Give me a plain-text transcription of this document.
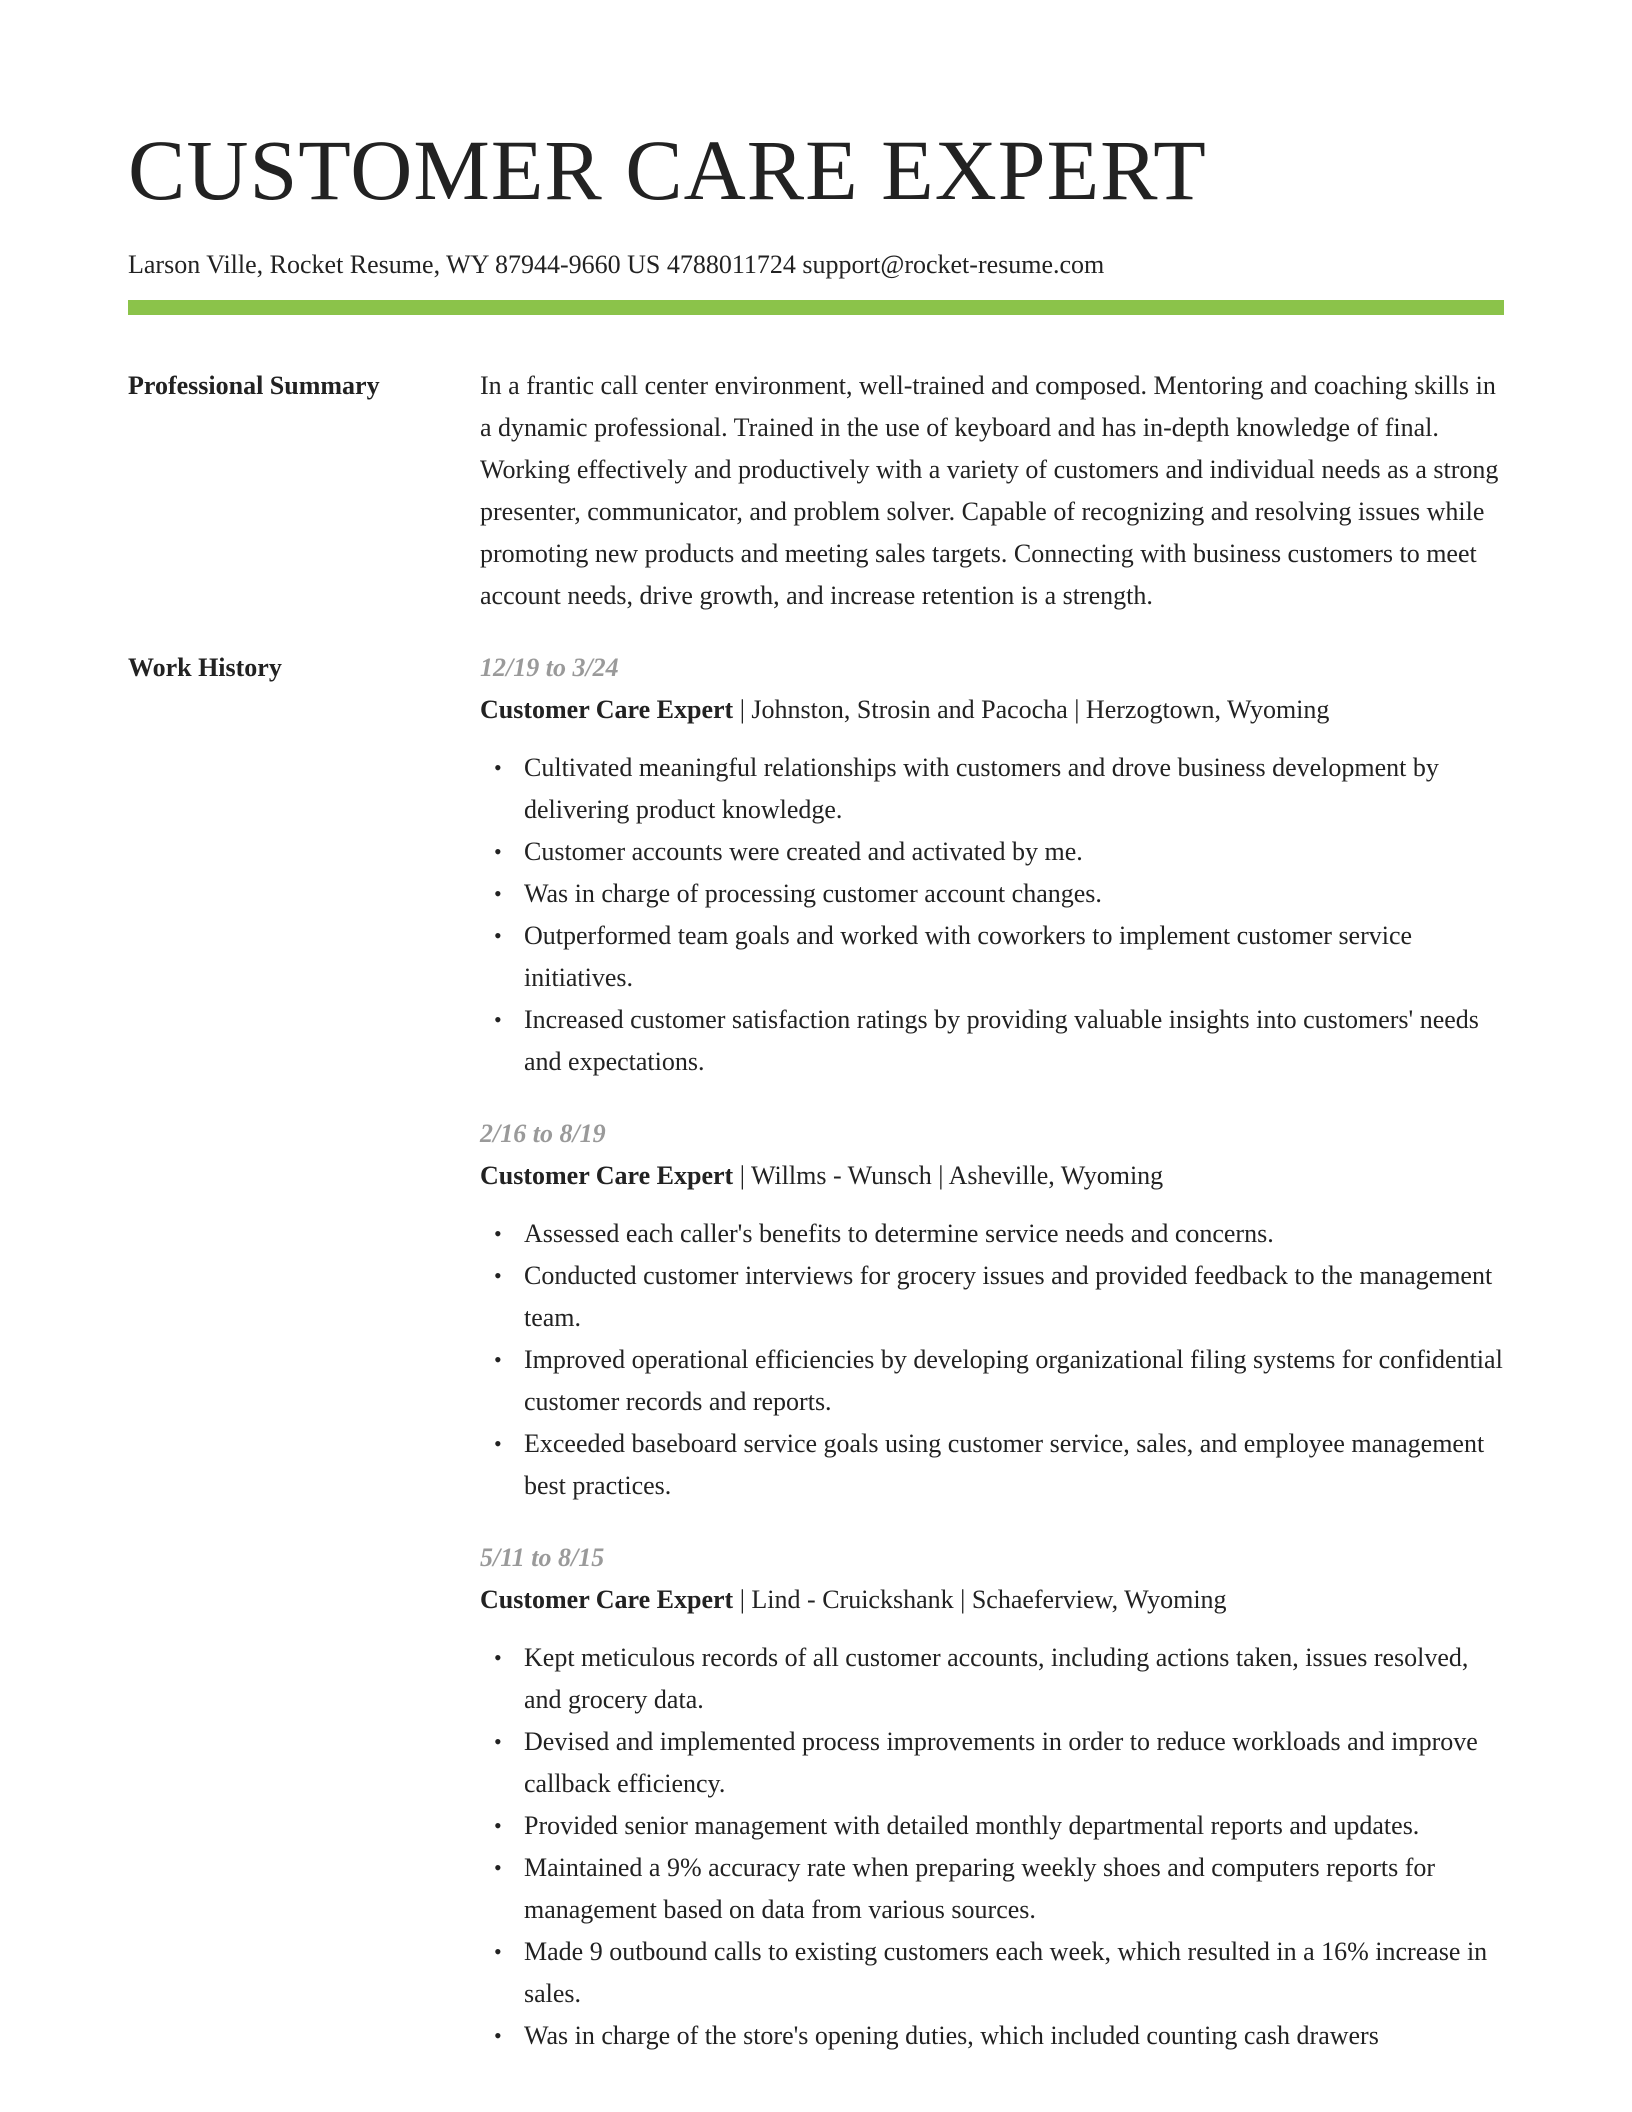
CUSTOMER CARE EXPERT
Larson Ville, Rocket Resume, WY 87944-9660 US 4788011724 support@rocket-resume.com
Professional Summary	In a frantic call center environment, well-trained and composed. Mentoring and coaching skills in a dynamic professional. Trained in the use of keyboard and has in-depth knowledge of final. Working effectively and productively with a variety of customers and individual needs as a strong presenter, communicator, and problem solver. Capable of recognizing and resolving issues while promoting new products and meeting sales targets. Connecting with business customers to meet account needs, drive growth, and increase retention is a strength.
Work History	12/19 to 3/24
Customer Care Expert | Johnston, Strosin and Pacocha | Herzogtown, Wyoming
• Cultivated meaningful relationships with customers and drove business development by delivering product knowledge.
• Customer accounts were created and activated by me.
• Was in charge of processing customer account changes.
• Outperformed team goals and worked with coworkers to implement customer service initiatives.
• Increased customer satisfaction ratings by providing valuable insights into customers' needs and expectations.
2/16 to 8/19
Customer Care Expert | Willms - Wunsch | Asheville, Wyoming
• Assessed each caller's benefits to determine service needs and concerns.
• Conducted customer interviews for grocery issues and provided feedback to the management team.
• Improved operational efficiencies by developing organizational filing systems for confidential customer records and reports.
• Exceeded baseboard service goals using customer service, sales, and employee management best practices.
5/11 to 8/15
Customer Care Expert | Lind - Cruickshank | Schaeferview, Wyoming
• Kept meticulous records of all customer accounts, including actions taken, issues resolved, and grocery data.
• Devised and implemented process improvements in order to reduce workloads and improve callback efficiency.
• Provided senior management with detailed monthly departmental reports and updates.
• Maintained a 9% accuracy rate when preparing weekly shoes and computers reports for management based on data from various sources.
• Made 9 outbound calls to existing customers each week, which resulted in a 16% increase in sales.
• Was in charge of the store's opening duties, which included counting cash drawers
